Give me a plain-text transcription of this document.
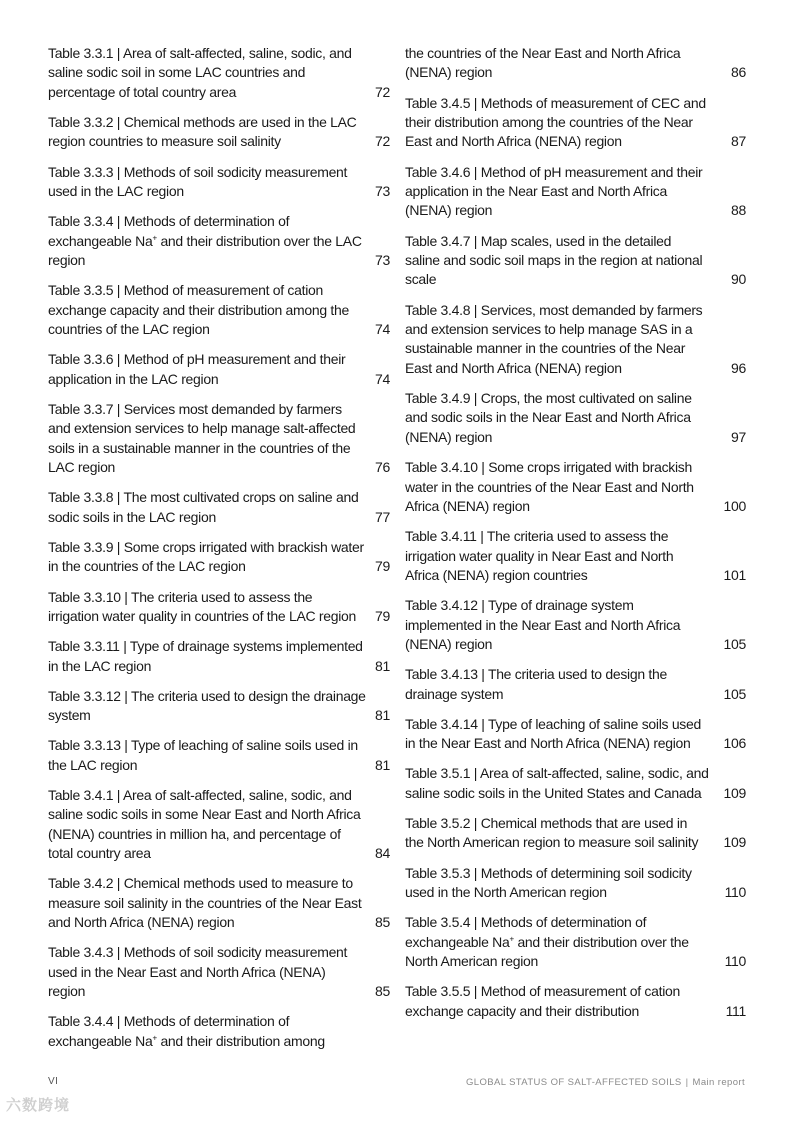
Table 3.3.1 | Area of salt-affected, saline, sodic, and saline sodic soil in some LAC countries and percentage of total country area	72
Table 3.3.2 | Chemical methods are used in the LAC region countries to measure soil salinity	72
Table 3.3.3 | Methods of soil sodicity measurement used in the LAC region	73
Table 3.3.4 | Methods of determination of exchangeable Na+ and their distribution over the LAC region	73
Table 3.3.5 | Method of measurement of cation exchange capacity and their distribution among the countries of the LAC region	74
Table 3.3.6 | Method of pH measurement and their application in the LAC region	74
Table 3.3.7 | Services most demanded by farmers and extension services to help manage salt-affected soils in a sustainable manner in the countries of the LAC region	76
Table 3.3.8 | The most cultivated crops on saline and sodic soils in the LAC region	77
Table 3.3.9 | Some crops irrigated with brackish water in the countries of the LAC region	79
Table 3.3.10 | The criteria used to assess the irrigation water quality in countries of the LAC region	79
Table 3.3.11 | Type of drainage systems implemented in the LAC region	81
Table 3.3.12 | The criteria used to design the drainage system	81
Table 3.3.13 | Type of leaching of saline soils used in the LAC region	81
Table 3.4.1 | Area of salt-affected, saline, sodic, and saline sodic soils in some Near East and North Africa (NENA) countries in million ha, and percentage of total country area	84
Table 3.4.2 | Chemical methods used to measure to measure soil salinity in the countries of the Near East and North Africa (NENA) region	85
Table 3.4.3 | Methods of soil sodicity measurement used in the Near East and North Africa (NENA) region	85
Table 3.4.4 | Methods of determination of exchangeable Na+ and their distribution among
the countries of the Near East and North Africa (NENA) region	86
Table 3.4.5 | Methods of measurement of CEC and their distribution among the countries of the Near East and North Africa (NENA) region	87
Table 3.4.6 | Method of pH measurement and their application in the Near East and North Africa (NENA) region	88
Table 3.4.7 | Map scales, used in the detailed saline and sodic soil maps in the region at national scale	90
Table 3.4.8 | Services, most demanded by farmers and extension services to help manage SAS in a sustainable manner in the countries of the Near East and North Africa (NENA) region	96
Table 3.4.9 | Crops, the most cultivated on saline and sodic soils in the Near East and North Africa (NENA) region	97
Table 3.4.10 | Some crops irrigated with brackish water in the countries of the Near East and North Africa (NENA) region	100
Table 3.4.11 | The criteria used to assess the irrigation water quality in Near East and North Africa (NENA) region countries	101
Table 3.4.12 | Type of drainage system implemented in the Near East and North Africa (NENA) region	105
Table 3.4.13 | The criteria used to design the drainage system	105
Table 3.4.14 | Type of leaching of saline soils used in the Near East and North Africa (NENA) region	106
Table 3.5.1 | Area of salt-affected, saline, sodic, and saline sodic soils in the United States and Canada	109
Table 3.5.2 | Chemical methods that are used in the North American region to measure soil salinity	109
Table 3.5.3 | Methods of determining soil sodicity used in the North American region	110
Table 3.5.4 | Methods of determination of exchangeable Na+ and their distribution over the North American region	110
Table 3.5.5 | Method of measurement of cation exchange capacity and their distribution	111
VI	GLOBAL STATUS OF SALT-AFFECTED SOILS | Main report
六数跨境
